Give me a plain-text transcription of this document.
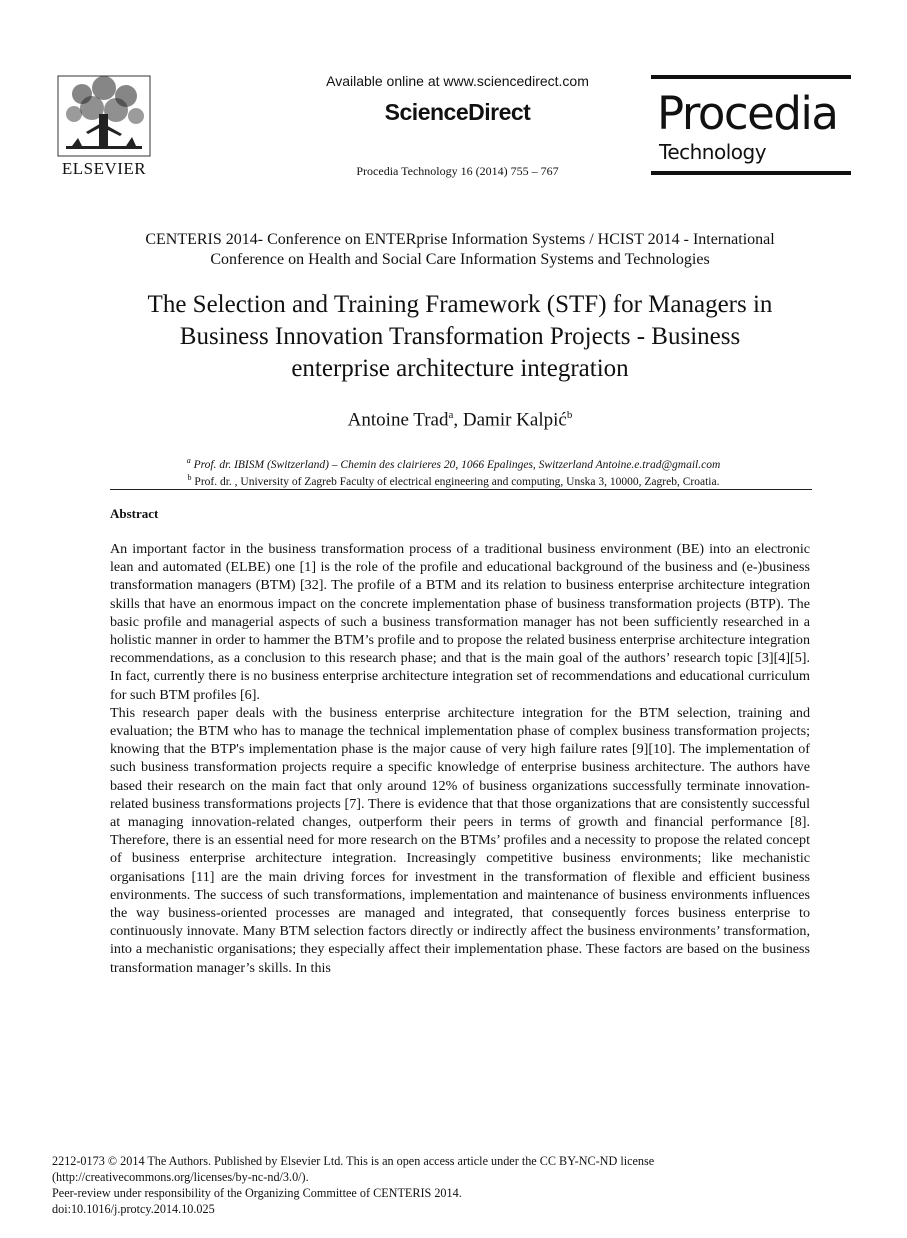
ELSEVIER
Available online at www.sciencedirect.com
ScienceDirect
Procedia Technology 16 (2014) 755 – 767
Procedia
Technology
CENTERIS 2014- Conference on ENTERprise Information Systems / HCIST 2014 - International
Conference on Health and Social Care Information Systems and Technologies
The Selection and Training Framework (STF) for Managers in
Business Innovation Transformation Projects - Business
enterprise architecture integration
Antoine Trad$^a$, Damir Kalpić$^b$
$^a$ Prof. dr. IBISM (Switzerland) – Chemin des clairieres 20, 1066 Epalinges, Switzerland Antoine.e.trad@gmail.com
$^b$ Prof. dr. , University of Zagreb Faculty of electrical engineering and computing, Unska 3, 10000, Zagreb, Croatia.
Abstract

An important factor in the business transformation process of a traditional business environment (BE) into an electronic lean and automated (ELBE) one [1] is the role of the profile and educational background of the business and (e-)business transformation managers (BTM) [32]. The profile of a BTM and its relation to business enterprise architecture integration skills that have an enormous impact on the concrete implementation phase of business transformation projects (BTP). The basic profile and managerial aspects of such a business transformation manager has not been sufficiently researched in a holistic manner in order to hammer the BTM’s profile and to propose the related business enterprise architecture integration recommendations, as a conclusion to this research phase; and that is the main goal of the authors’ research topic [3][4][5]. In fact, currently there is no business enterprise architecture integration set of recommendations and educational curriculum for such BTM profiles [6].

This research paper deals with the business enterprise architecture integration for the BTM selection, training and evaluation; the BTM who has to manage the technical implementation phase of complex business transformation projects; knowing that the BTP's implementation phase is the major cause of very high failure rates [9][10]. The implementation of such business transformation projects require a specific knowledge of enterprise business architecture. The authors have based their research on the main fact that only around 12% of business organizations successfully terminate innovation-related business transformations projects [7]. There is evidence that that those organizations that are consistently successful at managing innovation-related changes, outperform their peers in terms of growth and financial performance [8]. Therefore, there is an essential need for more research on the BTMs’ profiles and a necessity to propose the related concept of business enterprise architecture integration. Increasingly competitive business environments; like mechanistic organisations [11] are the main driving forces for investment in the transformation of flexible and efficient business environments. The success of such transformations, implementation and maintenance of business environments influences the way business-oriented processes are managed and integrated, that consequently forces business enterprise to continuously innovate. Many BTM selection factors directly or indirectly affect the business environments’ transformation, into a mechanistic organisations; they especially affect their implementation phase. These factors are based on the business transformation manager’s skills. In this

2212-0173 © 2014 The Authors. Published by Elsevier Ltd. This is an open access article under the CC BY-NC-ND license
(http://creativecommons.org/licenses/by-nc-nd/3.0/).
Peer-review under responsibility of the Organizing Committee of CENTERIS 2014.
doi:10.1016/j.protcy.2014.10.025
